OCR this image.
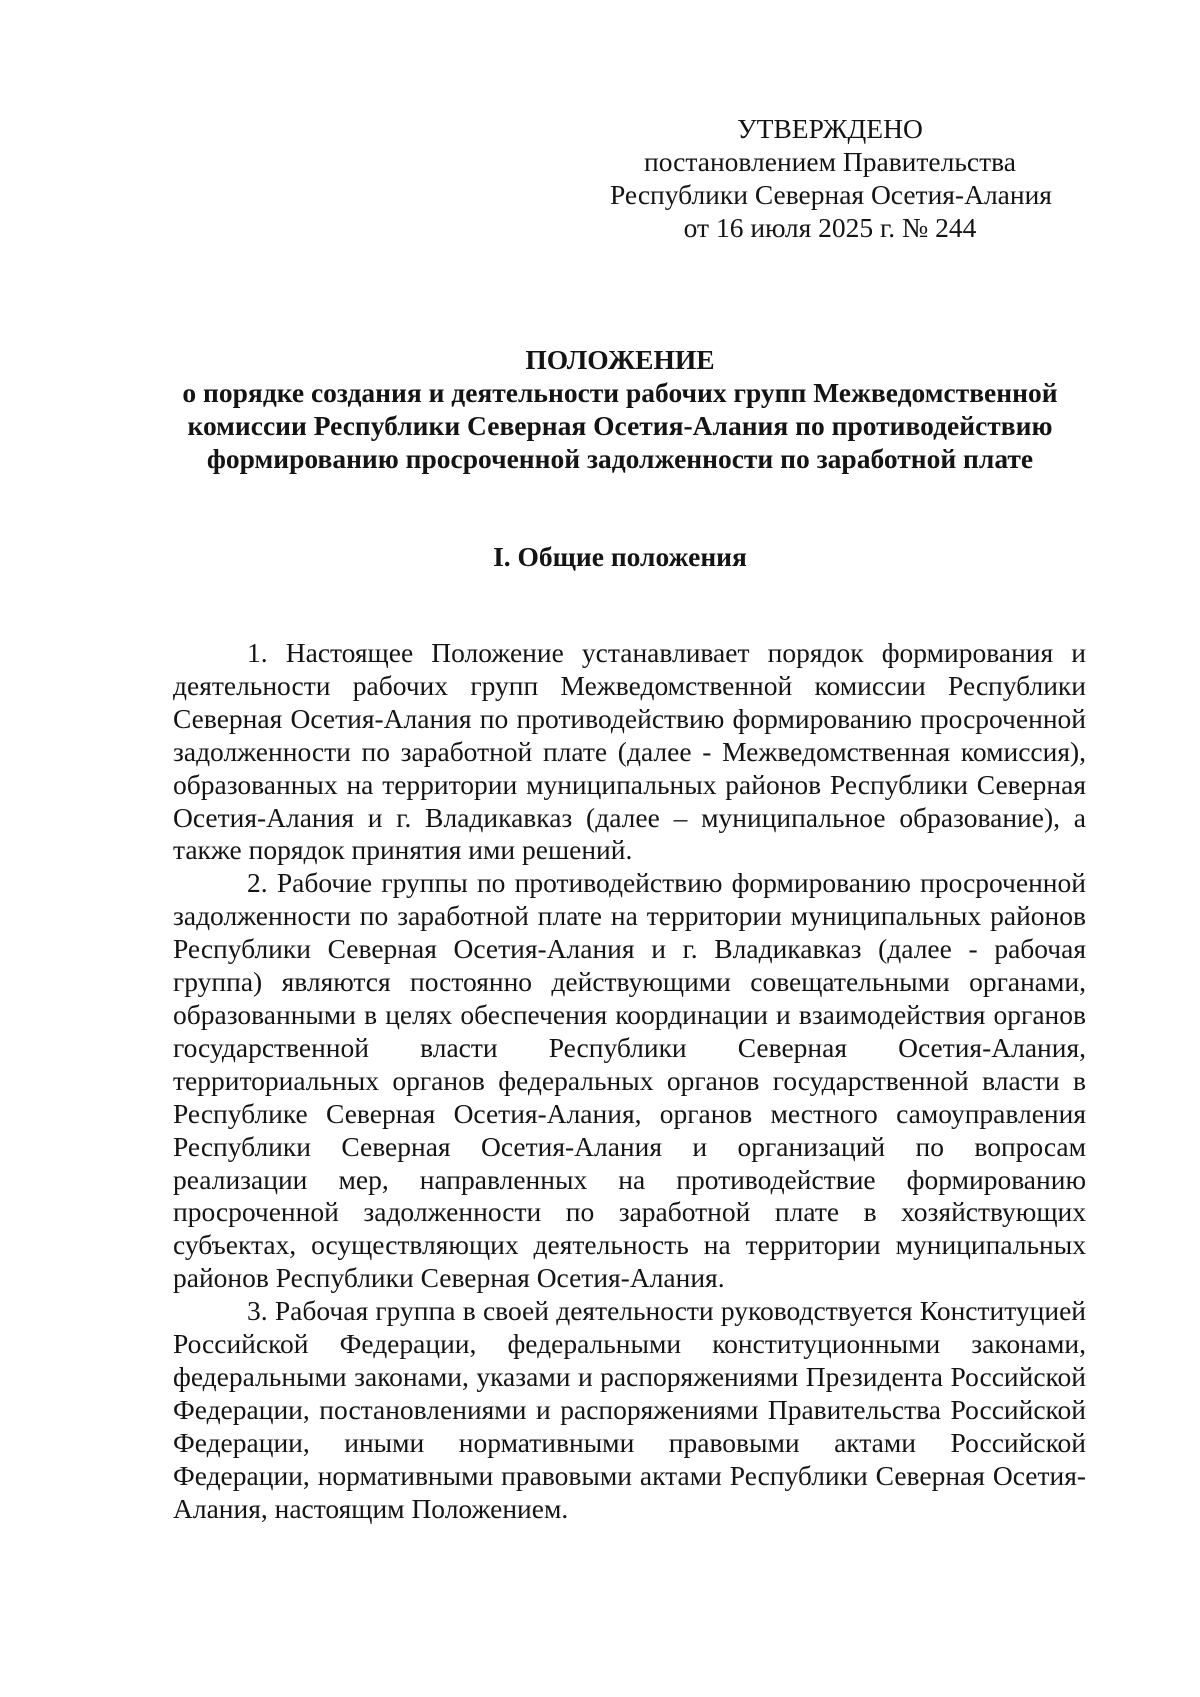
УТВЕРЖДЕНО
постановлением Правительства
Республики Северная Осетия-Алания
от 16 июля 2025 г. № 244
ПОЛОЖЕНИЕ
о порядке создания и деятельности рабочих групп Межведомственной
комиссии Республики Северная Осетия-Алания по противодействию
формированию просроченной задолженности по заработной плате
I. Общие положения

1. Настоящее Положение устанавливает порядок формирования и деятельности рабочих групп Межведомственной комиссии Республики Северная Осетия-Алания по противодействию формированию просроченной задолженности по заработной плате (далее - Межведомственная комиссия), образованных на территории муниципальных районов Республики Северная Осетия-Алания и г. Владикавказ (далее – муниципальное образование), а также порядок принятия ими решений.

2. Рабочие группы по противодействию формированию просроченной задолженности по заработной плате на территории муниципальных районов Республики Северная Осетия-Алания и г. Владикавказ (далее - рабочая группа) являются постоянно действующими совещательными органами, образованными в целях обеспечения координации и взаимодействия органов государственной власти Республики Северная Осетия-Алания, территориальных органов федеральных органов государственной власти в Республике Северная Осетия-Алания, органов местного самоуправления Республики Северная Осетия-Алания и организаций по вопросам реализации мер, направленных на противодействие формированию просроченной задолженности по заработной плате в хозяйствующих субъектах, осуществляющих деятельность на территории муниципальных районов Республики Северная Осетия-Алания.

3. Рабочая группа в своей деятельности руководствуется Конституцией Российской Федерации, федеральными конституционными законами, федеральными законами, указами и распоряжениями Президента Российской Федерации, постановлениями и распоряжениями Правительства Российской Федерации, иными нормативными правовыми актами Российской Федерации, нормативными правовыми актами Республики Северная Осетия-Алания, настоящим Положением.
